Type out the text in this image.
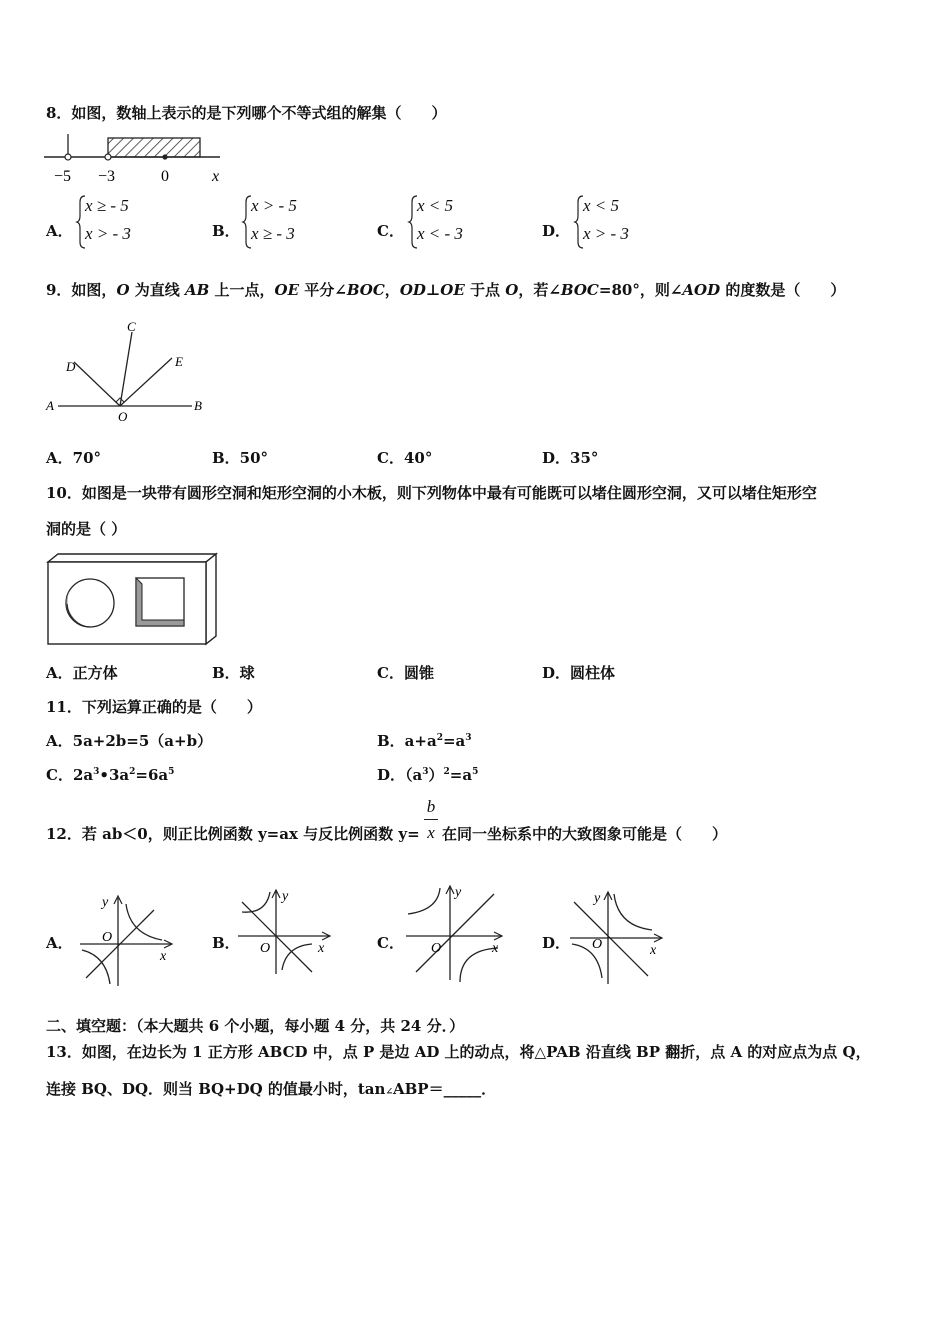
8．如图，数轴上表示的是下列哪个不等式组的解集（　　）
−5 −3	0	x
A．
x ≥ - 5
x > - 3	B．
x > - 5
x ≥ - 3	C．
x < 5
x < - 3	D．
x < 5
x > - 3
9．如图，O 为直线 AB 上一点，OE 平分∠BOC，OD⊥OE 于点 O，若∠BOC=80°，则∠AOD 的度数是（　　）
C
D	E
A
O
B
A．70°	B．50°	C．40°	D．35°
10．如图是一块带有圆形空洞和矩形空洞的小木板，则下列物体中最有可能既可以堵住圆形空洞，又可以堵住矩形空
洞的是（ ）
A．正方体	B．球	C．圆锥	D．圆柱体
11．下列运算正确的是（　　）
A．5a+2b=5（a+b）	B．$a+a^2=a^3$
C．$2a^3•3a^2=6a^5$	D．$(a^3)^2=a^5$
12．若 ab＜0，则正比例函数 y=ax 与反比例函数 y=
b
x 在同一坐标系中的大致图象可能是（　　）
A．
y
O
x
B．
y
O	x	C．
y
O	x	D．
y
O	x
二、填空题：（本大题共 6 个小题，每小题 4 分，共 24 分．）
13．如图，在边长为 1 正方形 ABCD 中，点 P 是边 AD 上的动点，将△PAB 沿直线 BP 翻折，点 A 的对应点为点 Q，
连接 BQ、DQ．则当 BQ+DQ 的值最小时，tan∠ABP＝_____．
